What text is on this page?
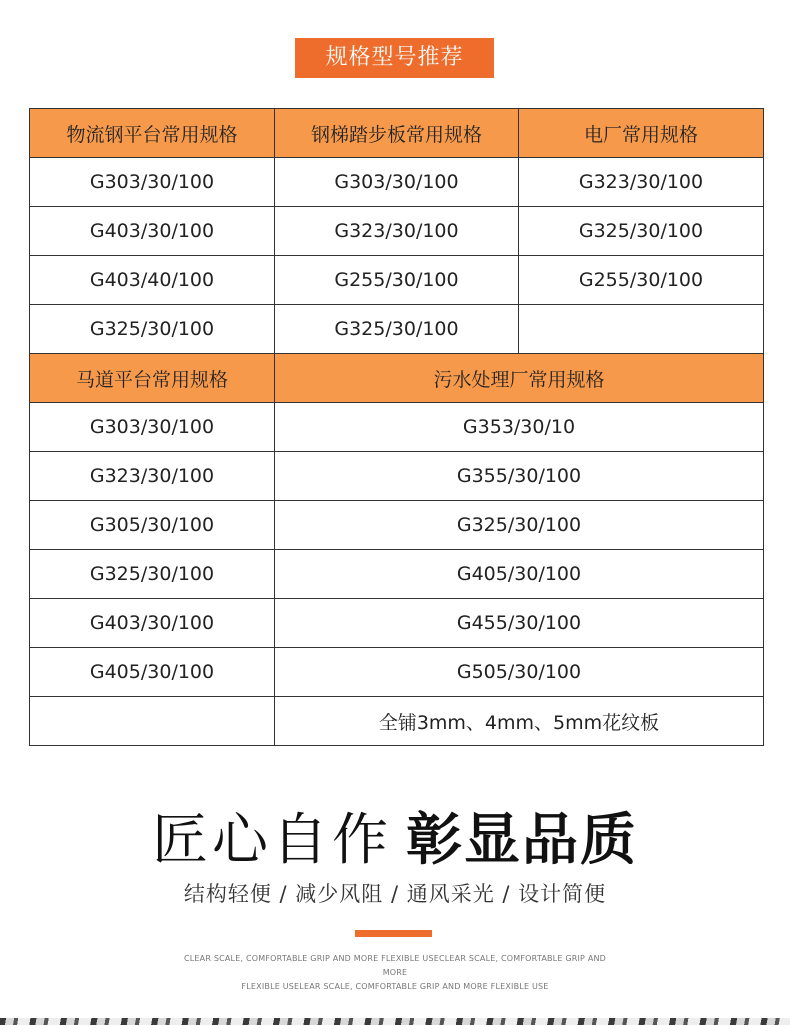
规格型号推荐
物流钢平台常用规格	钢梯踏步板常用规格	电厂常用规格
G303/30/100	G303/30/100	G323/30/100
G403/30/100	G323/30/100	G325/30/100
G403/40/100	G255/30/100	G255/30/100
G325/30/100	G325/30/100	
马道平台常用规格	污水处理厂常用规格	
G303/30/100	G353/30/10	
G323/30/100	G355/30/100	
G305/30/100	G325/30/100	
G325/30/100	G405/30/100	
G403/30/100	G455/30/100	
G405/30/100	G505/30/100	
	全铺3mm、4mm、5mm花纹板	
匠心自作 彰显品质
结构轻便 / 减少风阻 / 通风采光 / 设计简便
CLEAR SCALE, COMFORTABLE GRIP AND MORE FLEXIBLE USECLEAR SCALE, COMFORTABLE GRIP AND MORE
FLEXIBLE USELEAR SCALE, COMFORTABLE GRIP AND MORE FLEXIBLE USE
